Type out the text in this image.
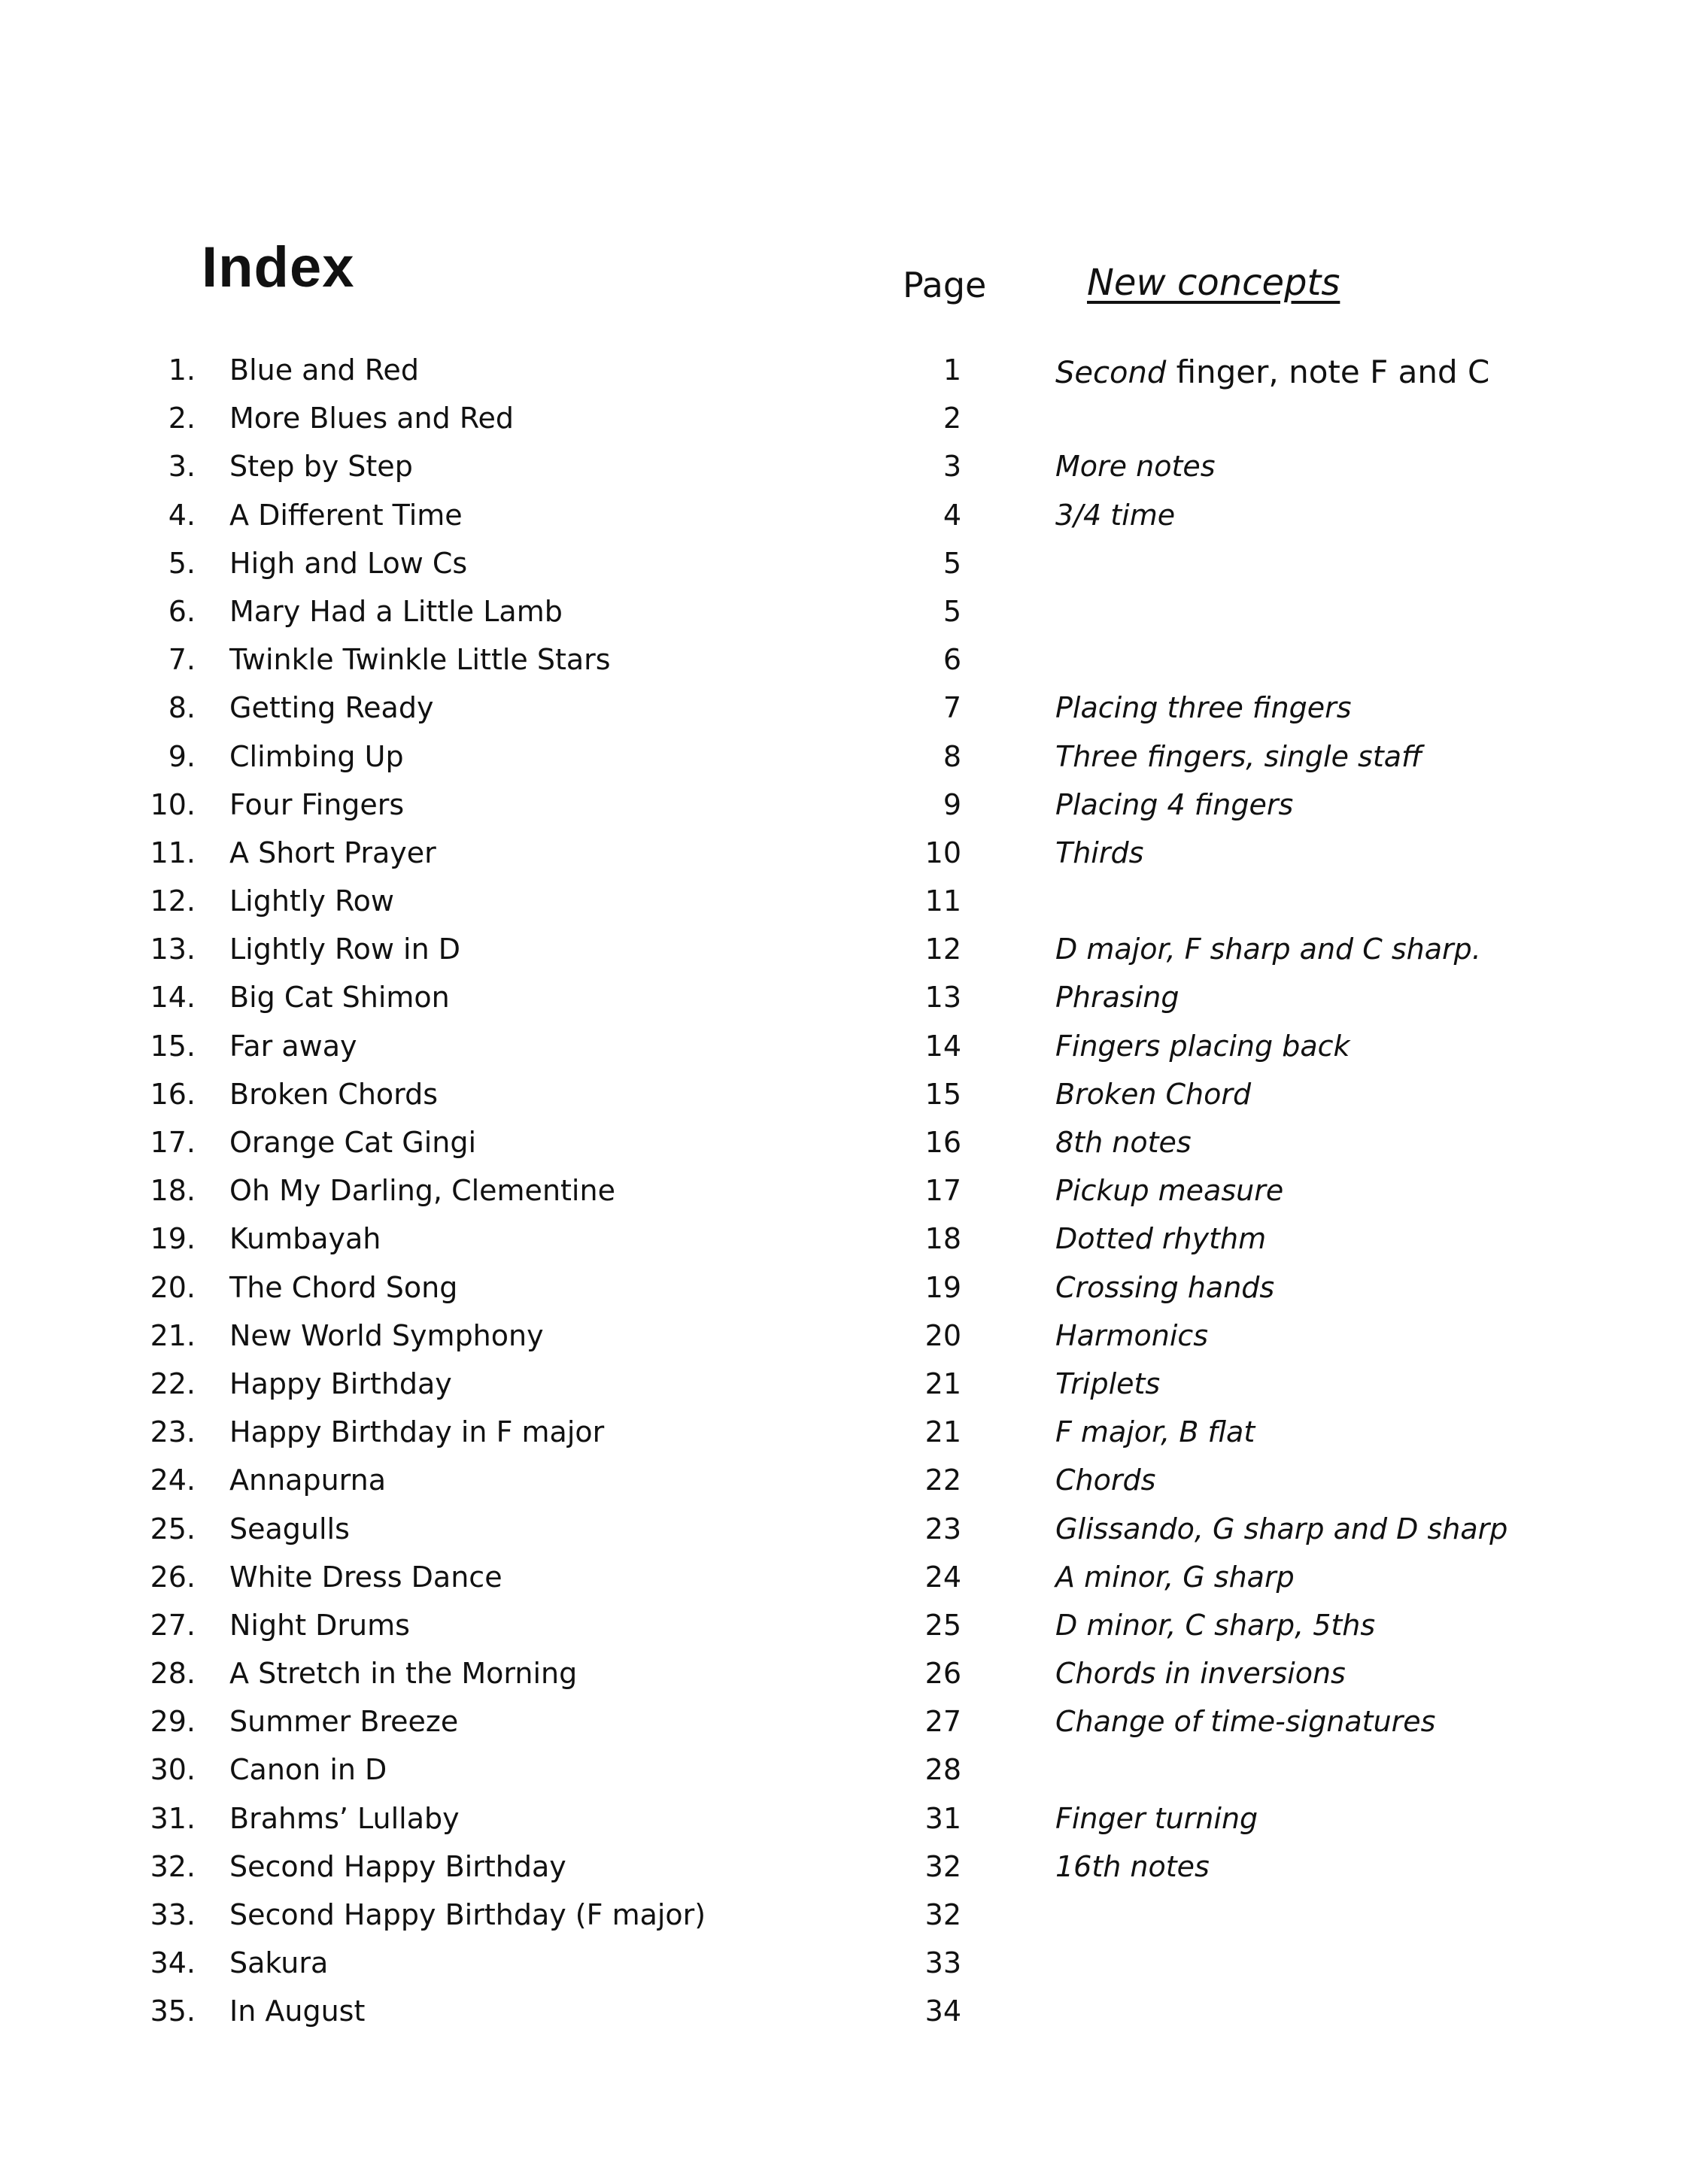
Index	Page	New concepts
1. Blue and Red	1	Second finger, note F and C
2. More Blues and Red	2
3. Step by Step	3	More notes
4. A Different Time	4	3/4 time
5. High and Low Cs	5
6. Mary Had a Little Lamb	5
7. Twinkle Twinkle Little Stars	6
8. Getting Ready	7	Placing three fingers
9. Climbing Up	8	Three fingers, single staff
10. Four Fingers	9	Placing 4 fingers
11. A Short Prayer	10	Thirds
12. Lightly Row	11
13. Lightly Row in D	12	D major, F sharp and C sharp.
14. Big Cat Shimon	13	Phrasing
15. Far away	14	Fingers placing back
16. Broken Chords	15	Broken Chord
17. Orange Cat Gingi	16	8th notes
18. Oh My Darling, Clementine	17	Pickup measure
19. Kumbayah	18	Dotted rhythm
20. The Chord Song	19	Crossing hands
21. New World Symphony	20	Harmonics
22. Happy Birthday	21	Triplets
23. Happy Birthday in F major	21	F major, B flat
24. Annapurna	22	Chords
25. Seagulls	23	Glissando, G sharp and D sharp
26. White Dress Dance	24	A minor, G sharp
27. Night Drums	25	D minor, C sharp, 5ths
28. A Stretch in the Morning	26	Chords in inversions
29. Summer Breeze	27	Change of time-signatures
30. Canon in D	28
31. Brahms’ Lullaby	31	Finger turning
32. Second Happy Birthday	32	16th notes
33. Second Happy Birthday (F major)	32
34. Sakura	33
35. In August	34
